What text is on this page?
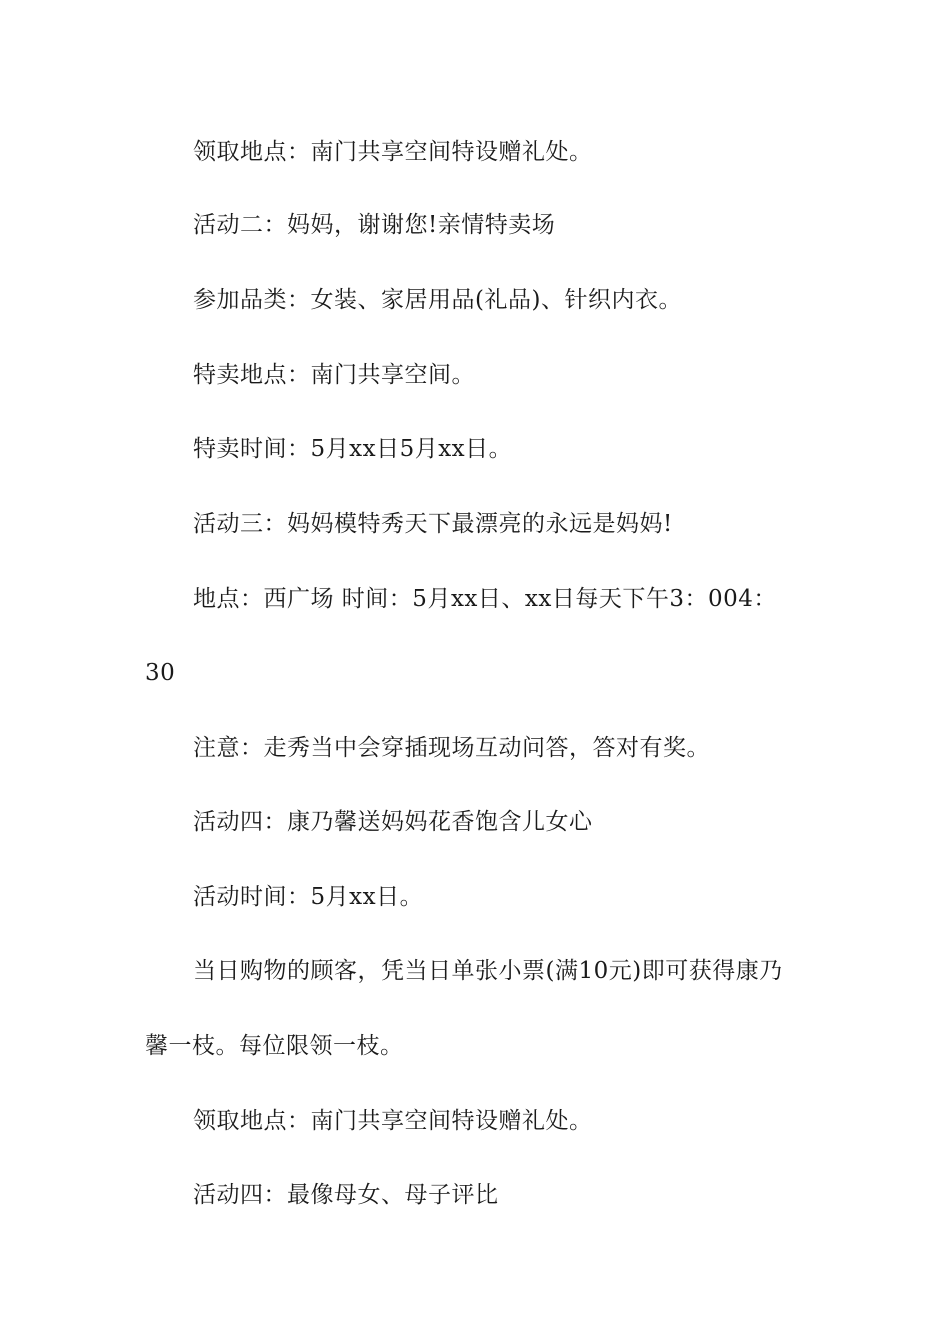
领取地点：南门共享空间特设赠礼处。
活动二：妈妈，谢谢您!亲情特卖场
参加品类：女装、家居用品(礼品)、针织内衣。
特卖地点：南门共享空间。
特卖时间：5月xx日5月xx日。
活动三：妈妈模特秀天下最漂亮的永远是妈妈!
地点：西广场 时间：5月xx日、xx日每天下午3：004：
30
注意：走秀当中会穿插现场互动问答，答对有奖。
活动四：康乃馨送妈妈花香饱含儿女心
活动时间：5月xx日。
当日购物的顾客，凭当日单张小票(满10元)即可获得康乃
馨一枝。每位限领一枝。
领取地点：南门共享空间特设赠礼处。
活动四：最像母女、母子评比
